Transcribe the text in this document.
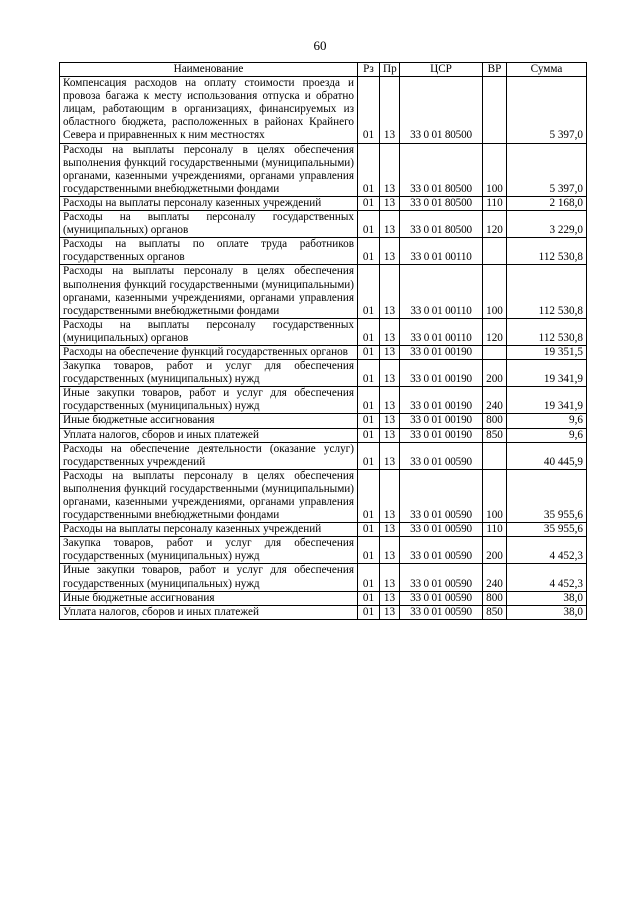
60
Наименование	Рз	Пр	ЦСР	ВР	Сумма
Компенсация расходов на оплату стоимости проезда и провоза багажа к месту использования отпуска и обратно лицам, работающим в организациях, финансируемых из областного бюджета, расположенных в районах Крайнего Севера и приравненных к ним местностях	01	13	33 0 01 80500		5 397,0
Расходы на выплаты персоналу в целях обеспечения выполнения функций государственными (муниципальными) органами, казенными учреждениями, органами управления государственными внебюджетными фондами	01	13	33 0 01 80500	100	5 397,0
Расходы на выплаты персоналу казенных учреждений	01	13	33 0 01 80500	110	2 168,0
Расходы на выплаты персоналу государственных (муниципальных) органов	01	13	33 0 01 80500	120	3 229,0
Расходы на выплаты по оплате труда работников государственных органов	01	13	33 0 01 00110		112 530,8
Расходы на выплаты персоналу в целях обеспечения выполнения функций государственными (муниципальными) органами, казенными учреждениями, органами управления государственными внебюджетными фондами	01	13	33 0 01 00110	100	112 530,8
Расходы на выплаты персоналу государственных (муниципальных) органов	01	13	33 0 01 00110	120	112 530,8
Расходы на обеспечение функций государственных органов	01	13	33 0 01 00190		19 351,5
Закупка товаров, работ и услуг для обеспечения государственных (муниципальных) нужд	01	13	33 0 01 00190	200	19 341,9
Иные закупки товаров, работ и услуг для обеспечения государственных (муниципальных) нужд	01	13	33 0 01 00190	240	19 341,9
Иные бюджетные ассигнования	01	13	33 0 01 00190	800	9,6
Уплата налогов, сборов и иных платежей	01	13	33 0 01 00190	850	9,6
Расходы на обеспечение деятельности (оказание услуг) государственных учреждений	01	13	33 0 01 00590		40 445,9
Расходы на выплаты персоналу в целях обеспечения выполнения функций государственными (муниципальными) органами, казенными учреждениями, органами управления государственными внебюджетными фондами	01	13	33 0 01 00590	100	35 955,6
Расходы на выплаты персоналу казенных учреждений	01	13	33 0 01 00590	110	35 955,6
Закупка товаров, работ и услуг для обеспечения государственных (муниципальных) нужд	01	13	33 0 01 00590	200	4 452,3
Иные закупки товаров, работ и услуг для обеспечения государственных (муниципальных) нужд	01	13	33 0 01 00590	240	4 452,3
Иные бюджетные ассигнования	01	13	33 0 01 00590	800	38,0
Уплата налогов, сборов и иных платежей	01	13	33 0 01 00590	850	38,0
